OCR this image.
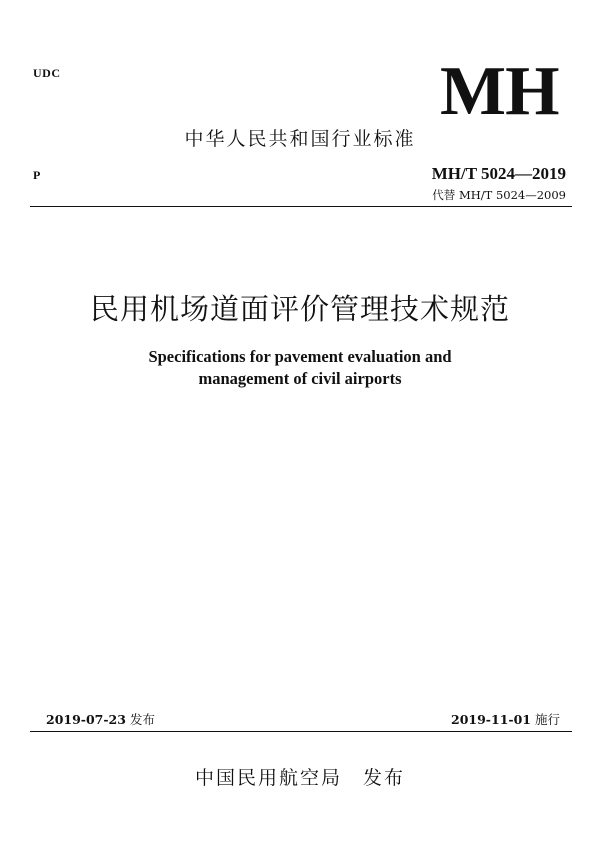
UDC	MH
中华人民共和国行业标准
P	MH/T 5024—2019
代替 MH/T 5024—2009
民用机场道面评价管理技术规范
Specifications for pavement evaluation and
management of civil airports
2019-07-23 发布	2019-11-01 施行
中国民用航空局　发布
